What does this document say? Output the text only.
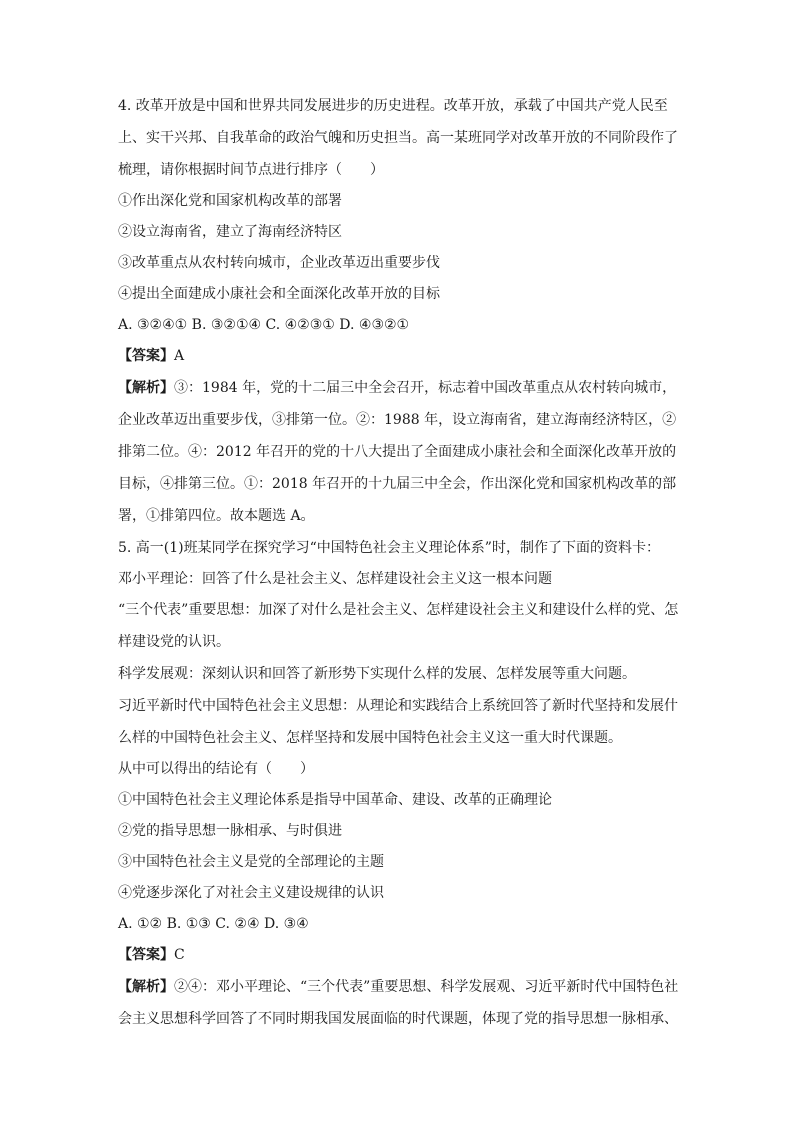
4. 改革开放是中国和世界共同发展进步的历史进程。改革开放，承载了中国共产党人民至

上、实干兴邦、自我革命的政治气魄和历史担当。高一某班同学对改革开放的不同阶段作了

梳理，请你根据时间节点进行排序（　　）

①作出深化党和国家机构改革的部署

②设立海南省，建立了海南经济特区

③改革重点从农村转向城市，企业改革迈出重要步伐

④提出全面建成小康社会和全面深化改革开放的目标

A. ③②④① B. ③②①④ C. ④②③① D. ④③②①

【答案】A

【解析】③：1984 年，党的十二届三中全会召开，标志着中国改革重点从农村转向城市，

企业改革迈出重要步伐，③排第一位。②：1988 年，设立海南省，建立海南经济特区，②

排第二位。④：2012 年召开的党的十八大提出了全面建成小康社会和全面深化改革开放的

目标，④排第三位。①：2018 年召开的十九届三中全会，作出深化党和国家机构改革的部

署，①排第四位。故本题选 A。

5. 高一(1)班某同学在探究学习“中国特色社会主义理论体系”时，制作了下面的资料卡：

邓小平理论：回答了什么是社会主义、怎样建设社会主义这一根本问题

“三个代表”重要思想：加深了对什么是社会主义、怎样建设社会主义和建设什么样的党、怎

样建设党的认识。

科学发展观：深刻认识和回答了新形势下实现什么样的发展、怎样发展等重大问题。

习近平新时代中国特色社会主义思想：从理论和实践结合上系统回答了新时代坚持和发展什

么样的中国特色社会主义、怎样坚持和发展中国特色社会主义这一重大时代课题。

从中可以得出的结论有（　　）

①中国特色社会主义理论体系是指导中国革命、建设、改革的正确理论

②党的指导思想一脉相承、与时俱进

③中国特色社会主义是党的全部理论的主题

④党逐步深化了对社会主义建设规律的认识

A. ①② B. ①③ C. ②④ D. ③④

【答案】C

【解析】②④：邓小平理论、“三个代表”重要思想、科学发展观、习近平新时代中国特色社

会主义思想科学回答了不同时期我国发展面临的时代课题，体现了党的指导思想一脉相承、
